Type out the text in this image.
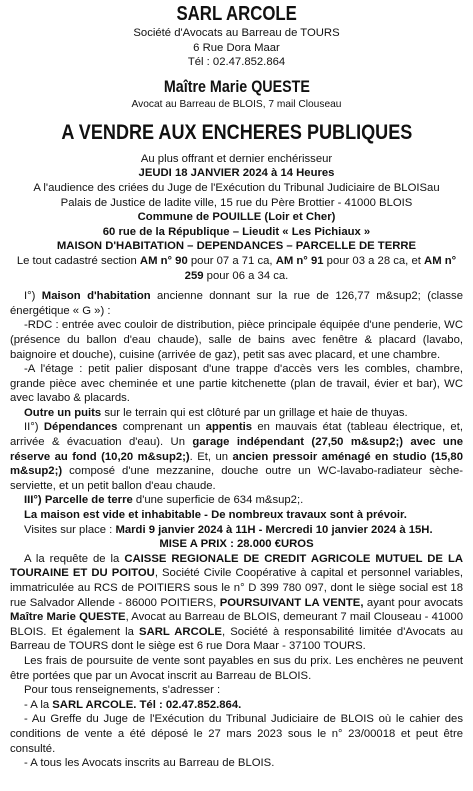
SARL ARCOLE
Société d'Avocats au Barreau de TOURS
6 Rue Dora Maar
Tél : 02.47.852.864
Maître Marie QUESTE
Avocat au Barreau de BLOIS, 7 mail Clouseau
A VENDRE AUX ENCHERES PUBLIQUES
Au plus offrant et dernier enchérisseur
JEUDI 18 JANVIER 2024 à 14 Heures
A l'audience des criées du Juge de l'Exécution du Tribunal Judiciaire de BLOISau
Palais de Justice de ladite ville, 15 rue du Père Brottier - 41000 BLOIS
Commune de POUILLE (Loir et Cher)
60 rue de la République – Lieudit « Les Pichiaux »
MAISON D'HABITATION – DEPENDANCES – PARCELLE DE TERRE

Le tout cadastré section AM n° 90 pour 07 a 71 ca, AM n° 91 pour 03 a 28 ca, et AM n° 259 pour 06 a 34 ca.

I°) Maison d'habitation ancienne donnant sur la rue de 126,77 m&sup2; (classe énergétique « G ») :

-RDC : entrée avec couloir de distribution, pièce principale équipée d'une penderie, WC (présence du ballon d'eau chaude), salle de bains avec fenêtre & placard (lavabo, baignoire et douche), cuisine (arrivée de gaz), petit sas avec placard, et une chambre.

-A l'étage : petit palier disposant d'une trappe d'accès vers les combles, chambre, grande pièce avec cheminée et une partie kitchenette (plan de travail, évier et bar), WC avec lavabo & placards.

Outre un puits sur le terrain qui est clôturé par un grillage et haie de thuyas.

II°) Dépendances comprenant un appentis en mauvais état (tableau électrique, et, arrivée & évacuation d'eau). Un garage indépendant (27,50 m&sup2;) avec une réserve au fond (10,20 m&sup2;). Et, un ancien pressoir aménagé en studio (15,80 m&sup2;) composé d'une mezzanine, douche outre un WC-lavabo-radiateur sèche-serviette, et un petit ballon d'eau chaude.

III°) Parcelle de terre d'une superficie de 634 m&sup2;.

La maison est vide et inhabitable - De nombreux travaux sont à prévoir.

Visites sur place : Mardi 9 janvier 2024 à 11H - Mercredi 10 janvier 2024 à 15H.

MISE A PRIX : 28.000 €UROS

A la requête de la CAISSE REGIONALE DE CREDIT AGRICOLE MUTUEL DE LA TOURAINE ET DU POITOU, Société Civile Coopérative à capital et personnel variables, immatriculée au RCS de POITIERS sous le n° D 399 780 097, dont le siège social est 18 rue Salvador Allende - 86000 POITIERS, POURSUIVANT LA VENTE, ayant pour avocats Maître Marie QUESTE, Avocat au Barreau de BLOIS, demeurant 7 mail Clouseau - 41000 BLOIS. Et également la SARL ARCOLE, Société à responsabilité limitée d'Avocats au Barreau de TOURS dont le siège est 6 rue Dora Maar - 37100 TOURS.

Les frais de poursuite de vente sont payables en sus du prix. Les enchères ne peuvent être portées que par un Avocat inscrit au Barreau de BLOIS.

Pour tous renseignements, s'adresser :

- A la SARL ARCOLE. Tél : 02.47.852.864.

- Au Greffe du Juge de l'Exécution du Tribunal Judiciaire de BLOIS où le cahier des conditions de vente a été déposé le 27 mars 2023 sous le n° 23/00018 et peut être consulté.

- A tous les Avocats inscrits au Barreau de BLOIS.
